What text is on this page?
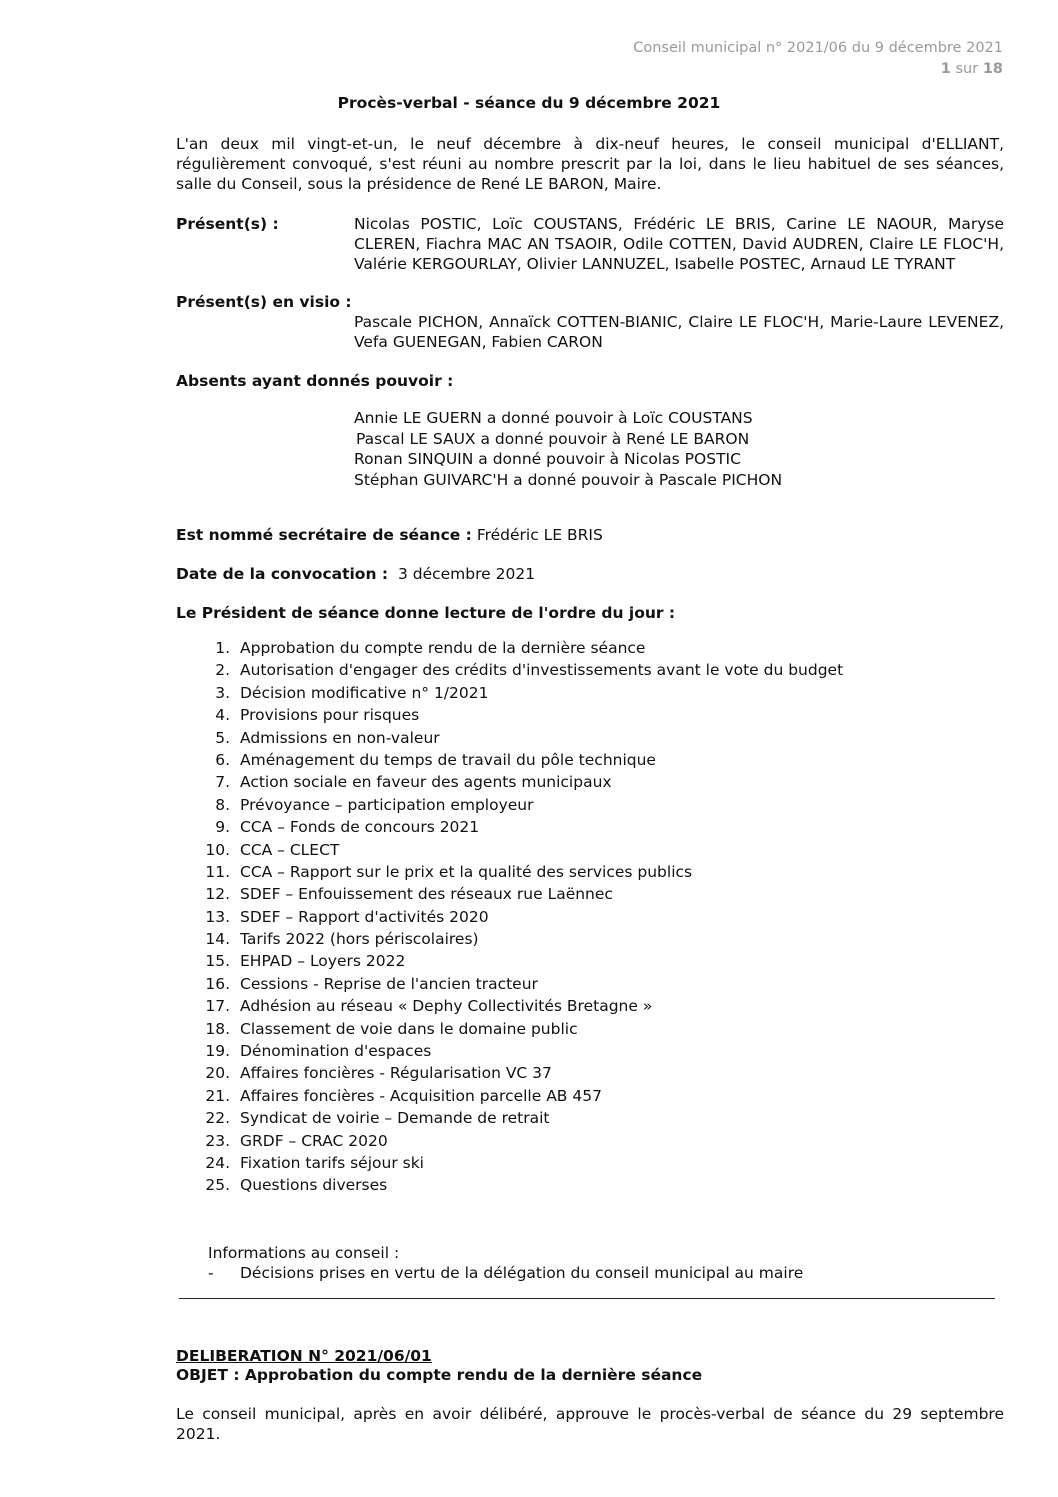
Conseil municipal n° 2021/06 du 9 décembre 2021
1 sur 18
Procès-verbal - séance du 9 décembre 2021
L'an deux mil vingt-et-un, le neuf décembre à dix-neuf heures, le conseil municipal d'ELLIANT, régulièrement convoqué, s'est réuni au nombre prescrit par la loi, dans le lieu habituel de ses séances, salle du Conseil, sous la présidence de René LE BARON, Maire.
Présent(s) :	Nicolas POSTIC, Loïc COUSTANS, Frédéric LE BRIS, Carine LE NAOUR, Maryse CLEREN, Fiachra MAC AN TSAOIR, Odile COTTEN, David AUDREN, Claire LE FLOC'H, Valérie KERGOURLAY, Olivier LANNUZEL, Isabelle POSTEC, Arnaud LE TYRANT
Présent(s) en visio :
Pascale PICHON, Annaïck COTTEN-BIANIC, Claire LE FLOC'H, Marie-Laure LEVENEZ, Vefa GUENEGAN, Fabien CARON
Absents ayant donnés pouvoir :
Annie LE GUERN a donné pouvoir à Loïc COUSTANS
Pascal LE SAUX a donné pouvoir à René LE BARON
Ronan SINQUIN a donné pouvoir à Nicolas POSTIC
Stéphan GUIVARC'H a donné pouvoir à Pascale PICHON
Est nommé secrétaire de séance : Frédéric LE BRIS
Date de la convocation : 3 décembre 2021
Le Président de séance donne lecture de l'ordre du jour :
1. Approbation du compte rendu de la dernière séance
2. Autorisation d'engager des crédits d'investissements avant le vote du budget
3. Décision modificative n° 1/2021
4. Provisions pour risques
5. Admissions en non-valeur
6. Aménagement du temps de travail du pôle technique
7. Action sociale en faveur des agents municipaux
8. Prévoyance – participation employeur
9. CCA – Fonds de concours 2021
10. CCA – CLECT
11. CCA – Rapport sur le prix et la qualité des services publics
12. SDEF – Enfouissement des réseaux rue Laënnec
13. SDEF – Rapport d'activités 2020
14. Tarifs 2022 (hors périscolaires)
15. EHPAD – Loyers 2022
16. Cessions - Reprise de l'ancien tracteur
17. Adhésion au réseau « Dephy Collectivités Bretagne »
18. Classement de voie dans le domaine public
19. Dénomination d'espaces
20. Affaires foncières - Régularisation VC 37
21. Affaires foncières - Acquisition parcelle AB 457
22. Syndicat de voirie – Demande de retrait
23. GRDF – CRAC 2020
24. Fixation tarifs séjour ski
25. Questions diverses
Informations au conseil :
- Décisions prises en vertu de la délégation du conseil municipal au maire
DELIBERATION N° 2021/06/01
OBJET : Approbation du compte rendu de la dernière séance
Le conseil municipal, après en avoir délibéré, approuve le procès-verbal de séance du 29 septembre 2021.
